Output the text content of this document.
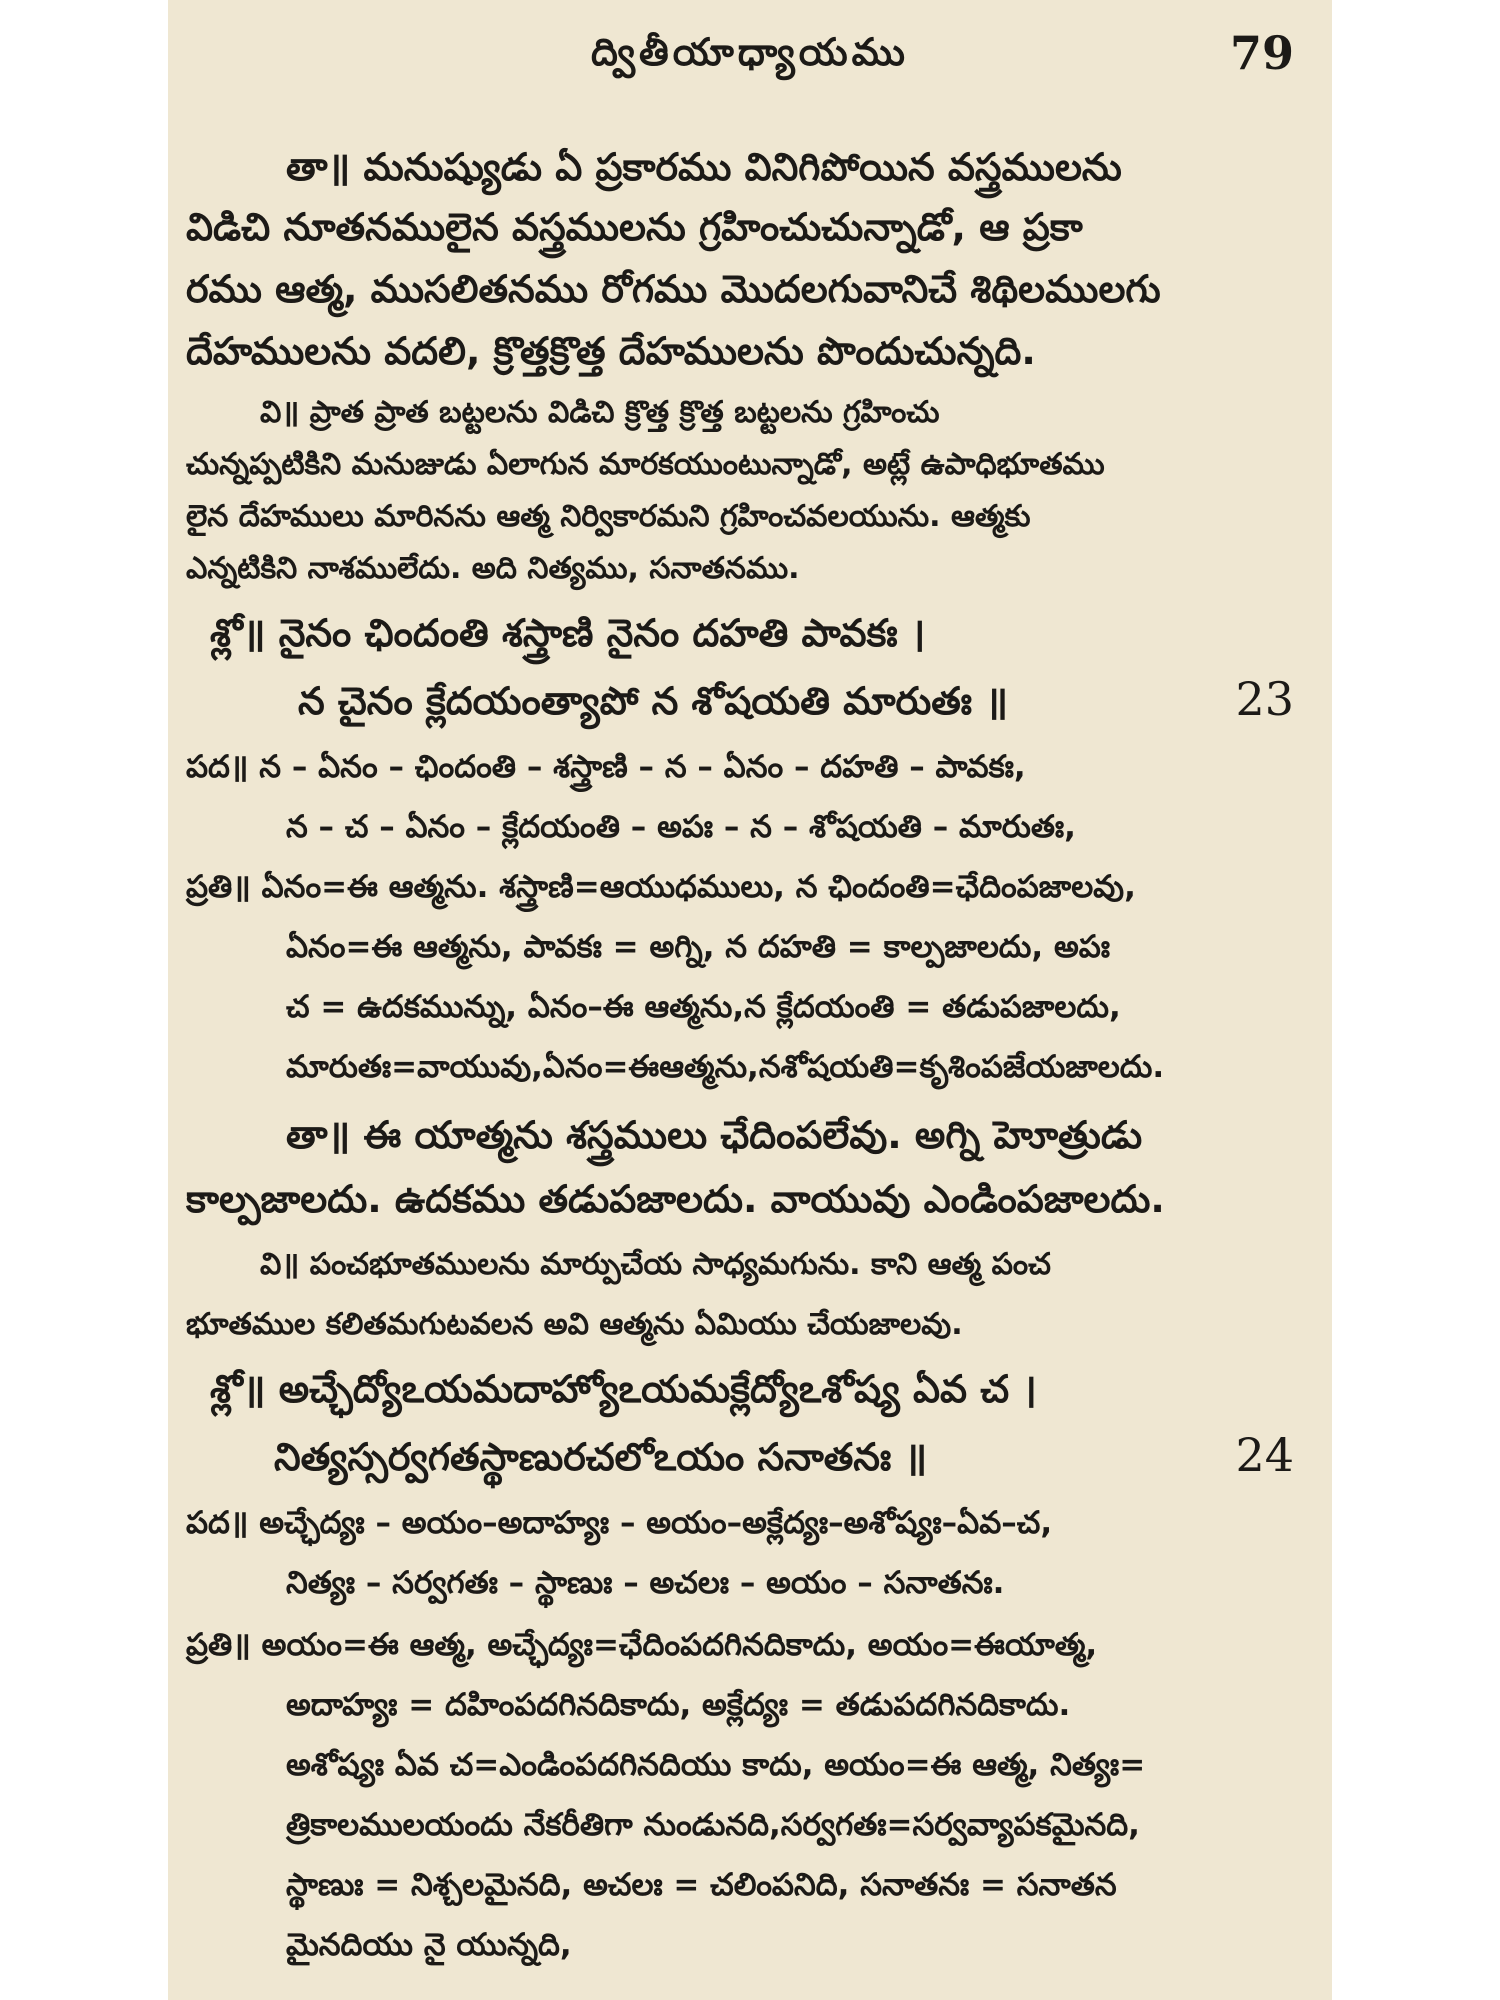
ద్వితీయాధ్యాయము	79
తా॥ మనుష్యుడు ఏ ప్రకారము వినిగిపోయిన వస్త్రములను
విడిచి నూతనములైన వస్త్రములను గ్రహించుచున్నాడో, ఆ ప్రకా
రము ఆత్మ, ముసలితనము రోగము మొదలగువానిచే శిథిలములగు
దేహములను వదలి, క్రొత్తక్రొత్త దేహములను పొందుచున్నది.
వి॥ ప్రాత ప్రాత బట్టలను విడిచి క్రొత్త క్రొత్త బట్టలను గ్రహించు
చున్నప్పటికిని మనుజుడు ఏలాగున మారకయుంటున్నాడో, అట్లే ఉపాధిభూతము
లైన దేహములు మారినను ఆత్మ నిర్వికారమని గ్రహించవలయును. ఆత్మకు
ఎన్నటికిని నాశములేదు. అది నిత్యము, సనాతనము.
శ్లో॥ నైనం ఛిందంతి శస్త్రాణి నైనం దహతి పావకః ।
న చైనం క్లేదయంత్యాపో న శోషయతి మారుతః ॥	23
పద॥ న – ఏనం – ఛిందంతి – శస్త్రాణి – న – ఏనం – దహతి – పావకః,
న – చ – ఏనం – క్లేదయంతి – అపః – న – శోషయతి – మారుతః,
ప్రతి॥ ఏనం=ఈ ఆత్మను. శస్త్రాణి=ఆయుధములు, న ఛిందంతి=ఛేదింపజాలవు,
ఏనం=ఈ ఆత్మను, పావకః = అగ్ని, న దహతి = కాల్పజాలదు, అపః
చ = ఉదకమున్ను, ఏనం–ఈ ఆత్మను,న క్లేదయంతి = తడుపజాలదు,
మారుతః=వాయువు,ఏనం=ఈఆత్మను,నశోషయతి=కృశింపజేయజాలదు.
తా॥ ఈ యాత్మను శస్త్రములు ఛేదింపలేవు. అగ్ని హెూత్రుడు
కాల్పజాలదు. ఉదకము తడుపజాలదు. వాయువు ఎండింపజాలదు.
వి॥ పంచభూతములను మార్పుచేయ సాధ్యమగును. కాని ఆత్మ పంచ
భూతముల కలితమగుటవలన అవి ఆత్మను ఏమియు చేయజాలవు.
శ్లో॥ అచ్ఛేద్యోఽయమదాహ్యోఽయమక్లేద్యోఽశోష్య ఏవ చ ।
నిత్యస్సర్వగతస్థాణురచలోఽయం సనాతనః ॥	24
పద॥ అచ్ఛేద్యః – అయం–అదాహ్యః – అయం–అక్లేద్యః–అశోష్యః–ఏవ–చ,
నిత్యః – సర్వగతః – స్థాణుః – అచలః – అయం – సనాతనః.
ప్రతి॥ అయం=ఈ ఆత్మ, అచ్ఛేద్యః=ఛేదింపదగినదికాదు, అయం=ఈయాత్మ,
అదాహ్యః = దహింపదగినదికాదు, అక్లేద్యః = తడుపదగినదికాదు.
అశోష్యః ఏవ చ=ఎండింపదగినదియు కాదు, అయం=ఈ ఆత్మ, నిత్యః=
త్రికాలములయందు నేకరీతిగా నుండునది,సర్వగతః=సర్వవ్యాపకమైనది,
స్థాణుః = నిశ్చలమైనది, అచలః = చలింపనిది, సనాతనః = సనాతన
మైనదియు నై యున్నది,
